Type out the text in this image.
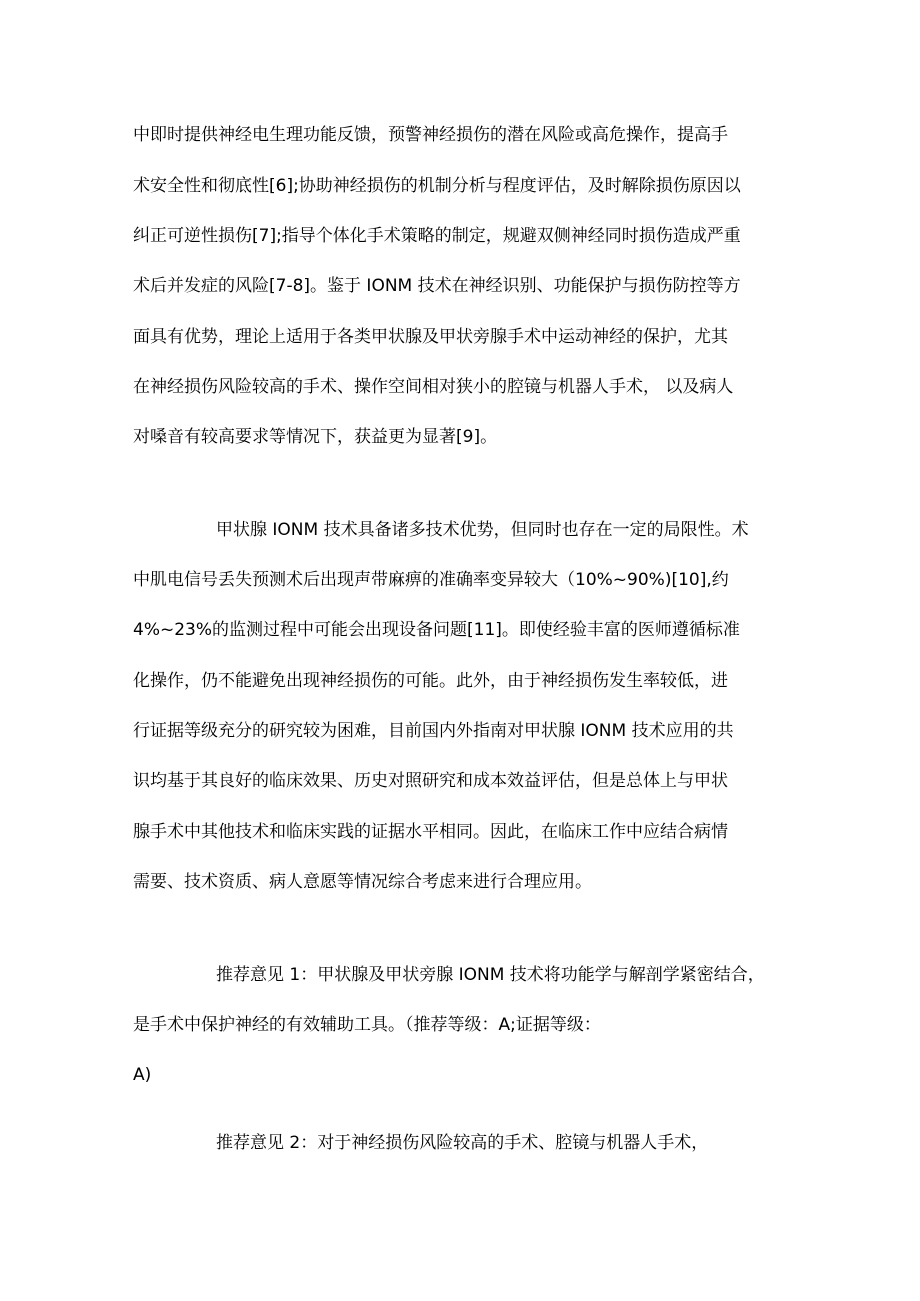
中即时提供神经电生理功能反馈，预警神经损伤的潜在风险或高危操作，提高手
术安全性和彻底性[6];协助神经损伤的机制分析与程度评估，及时解除损伤原因以
纠正可逆性损伤[7];指导个体化手术策略的制定，规避双侧神经同时损伤造成严重
术后并发症的风险[7-8]。鉴于 IONM 技术在神经识别、功能保护与损伤防控等方
面具有优势，理论上适用于各类甲状腺及甲状旁腺手术中运动神经的保护，尤其
在神经损伤风险较高的手术、操作空间相对狭小的腔镜与机器人手术， 以及病人
对嗓音有较高要求等情况下，获益更为显著[9]。
甲状腺 IONM 技术具备诸多技术优势，但同时也存在一定的局限性。术
中肌电信号丢失预测术后出现声带麻痹的准确率变异较大（10%~90%)[10],约
4%~23%的监测过程中可能会出现设备问题[11]。即使经验丰富的医师遵循标准
化操作，仍不能避免出现神经损伤的可能。此外，由于神经损伤发生率较低，进
行证据等级充分的研究较为困难，目前国内外指南对甲状腺 IONM 技术应用的共
识均基于其良好的临床效果、历史对照研究和成本效益评估，但是总体上与甲状
腺手术中其他技术和临床实践的证据水平相同。因此，在临床工作中应结合病情
需要、技术资质、病人意愿等情况综合考虑来进行合理应用。
推荐意见 1：甲状腺及甲状旁腺 IONM 技术将功能学与解剖学紧密结合，
是手术中保护神经的有效辅助工具。（推荐等级：A;证据等级：
A)
推荐意见 2：对于神经损伤风险较高的手术、腔镜与机器人手术，
